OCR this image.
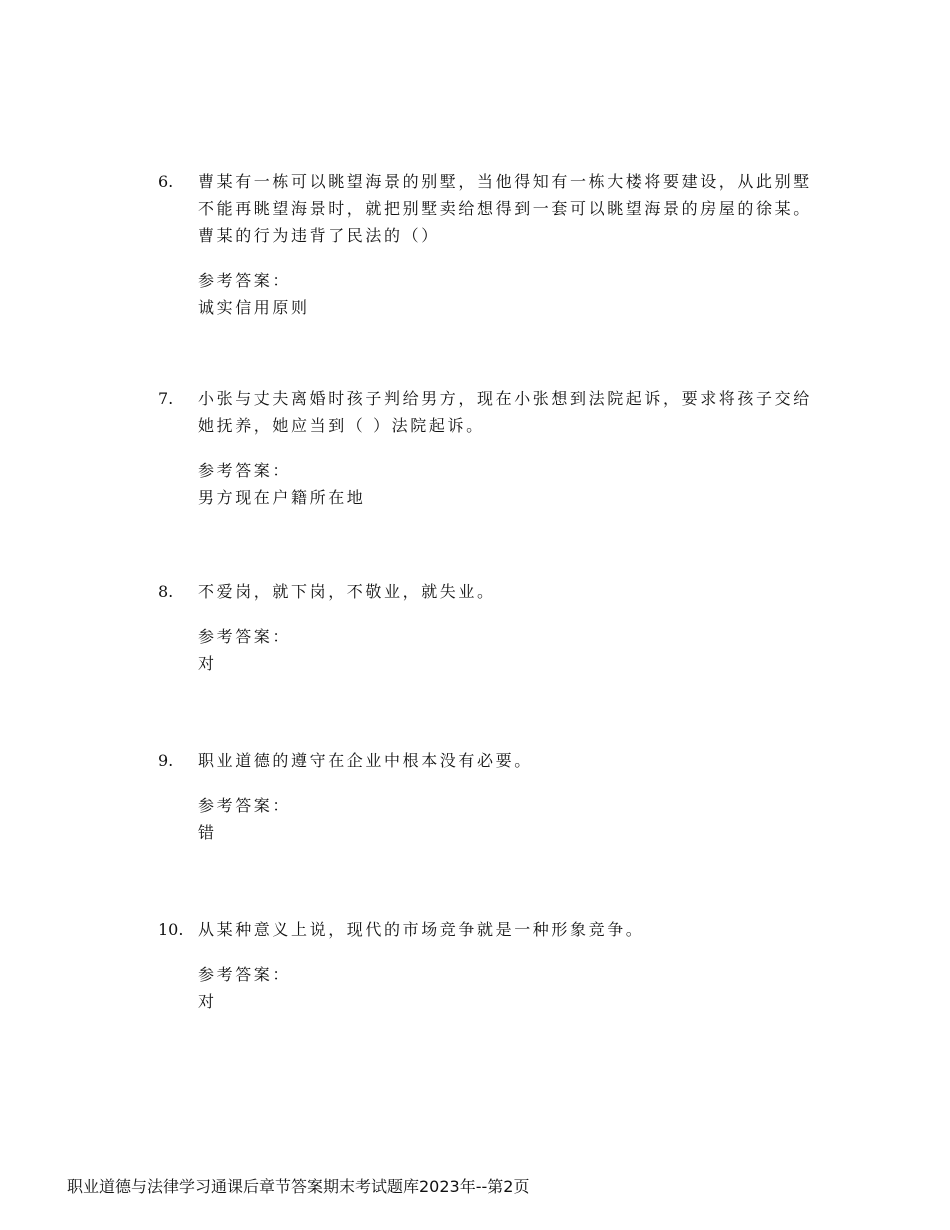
6.	曹某有一栋可以眺望海景的别墅，当他得知有一栋大楼将要建设，从此别墅不能再眺望海景时，就把别墅卖给想得到一套可以眺望海景的房屋的徐某。曹某的行为违背了民法的（）
参考答案：
诚实信用原则
7.	小张与丈夫离婚时孩子判给男方，现在小张想到法院起诉，要求将孩子交给她抚养，她应当到（ ）法院起诉。
参考答案：
男方现在户籍所在地
8.	不爱岗，就下岗，不敬业，就失业。
参考答案：
对
9.	职业道德的遵守在企业中根本没有必要。
参考答案：
错
10. 从某种意义上说，现代的市场竞争就是一种形象竞争。
参考答案：
对
职业道德与法律学习通课后章节答案期末考试题库2023年--第2页
